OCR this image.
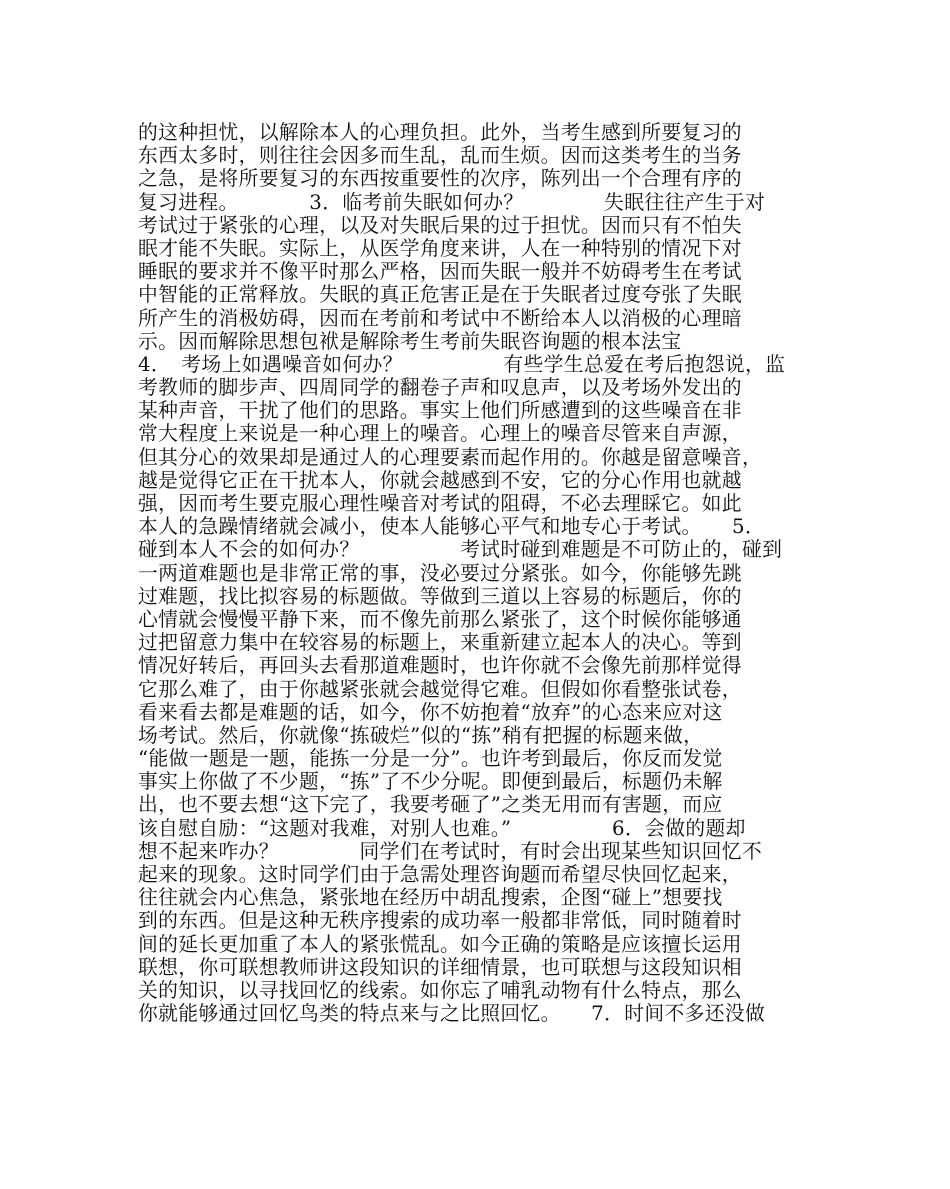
的这种担忧，以解除本人的心理负担。此外，当考生感到所要复习的
东西太多时，则往往会因多而生乱，乱而生烦。因而这类考生的当务
之急，是将所要复习的东西按重要性的次序，陈列出一个合理有序的
复习进程。　　　　3．临考前失眠如何办？　　　　失眠往往产生于对
考试过于紧张的心理，以及对失眠后果的过于担忧。因而只有不怕失
眠才能不失眠。实际上，从医学角度来讲，人在一种特别的情况下对
睡眠的要求并不像平时那么严格，因而失眠一般并不妨碍考生在考试
中智能的正常释放。失眠的真正危害正是在于失眠者过度夸张了失眠
所产生的消极妨碍，因而在考前和考试中不断给本人以消极的心理暗
示。因而解除思想包袱是解除考生考前失眠咨询题的根本法宝
4．　考场上如遇噪音如何办？　　　　　有些学生总爱在考后抱怨说，监
考教师的脚步声、四周同学的翻卷子声和叹息声，以及考场外发出的
某种声音，干扰了他们的思路。事实上他们所感遭到的这些噪音在非
常大程度上来说是一种心理上的噪音。心理上的噪音尽管来自声源，
但其分心的效果却是通过人的心理要素而起作用的。你越是留意噪音，
越是觉得它正在干扰本人，你就会越感到不安，它的分心作用也就越
强，因而考生要克服心理性噪音对考试的阻碍，不必去理睬它。如此
本人的急躁情绪就会减小，使本人能够心平气和地专心于考试。　　5．
碰到本人不会的如何办？　　　　　考试时碰到难题是不可防止的，碰到
一两道难题也是非常正常的事，没必要过分紧张。如今，你能够先跳
过难题，找比拟容易的标题做。等做到三道以上容易的标题后，你的
心情就会慢慢平静下来，而不像先前那么紧张了，这个时候你能够通
过把留意力集中在较容易的标题上，来重新建立起本人的决心。等到
情况好转后，再回头去看那道难题时，也许你就不会像先前那样觉得
它那么难了，由于你越紧张就会越觉得它难。但假如你看整张试卷，
看来看去都是难题的话，如今，你不妨抱着“放弃”的心态来应对这
场考试。然后，你就像“拣破烂”似的“拣”稍有把握的标题来做，
“能做一题是一题，能拣一分是一分”。也许考到最后，你反而发觉
事实上你做了不少题，“拣”了不少分呢。即便到最后，标题仍未解
出，也不要去想“这下完了，我要考砸了”之类无用而有害题，而应
该自慰自励：“这题对我难，对别人也难。”　　　　　6．会做的题却
想不起来咋办？　　　　同学们在考试时，有时会出现某些知识回忆不
起来的现象。这时同学们由于急需处理咨询题而希望尽快回忆起来，
往往就会内心焦急，紧张地在经历中胡乱搜索，企图“碰上”想要找
到的东西。但是这种无秩序搜索的成功率一般都非常低，同时随着时
间的延长更加重了本人的紧张慌乱。如今正确的策略是应该擅长运用
联想，你可联想教师讲这段知识的详细情景，也可联想与这段知识相
关的知识，以寻找回忆的线索。如你忘了哺乳动物有什么特点，那么
你就能够通过回忆鸟类的特点来与之比照回忆。　　7．时间不多还没做
